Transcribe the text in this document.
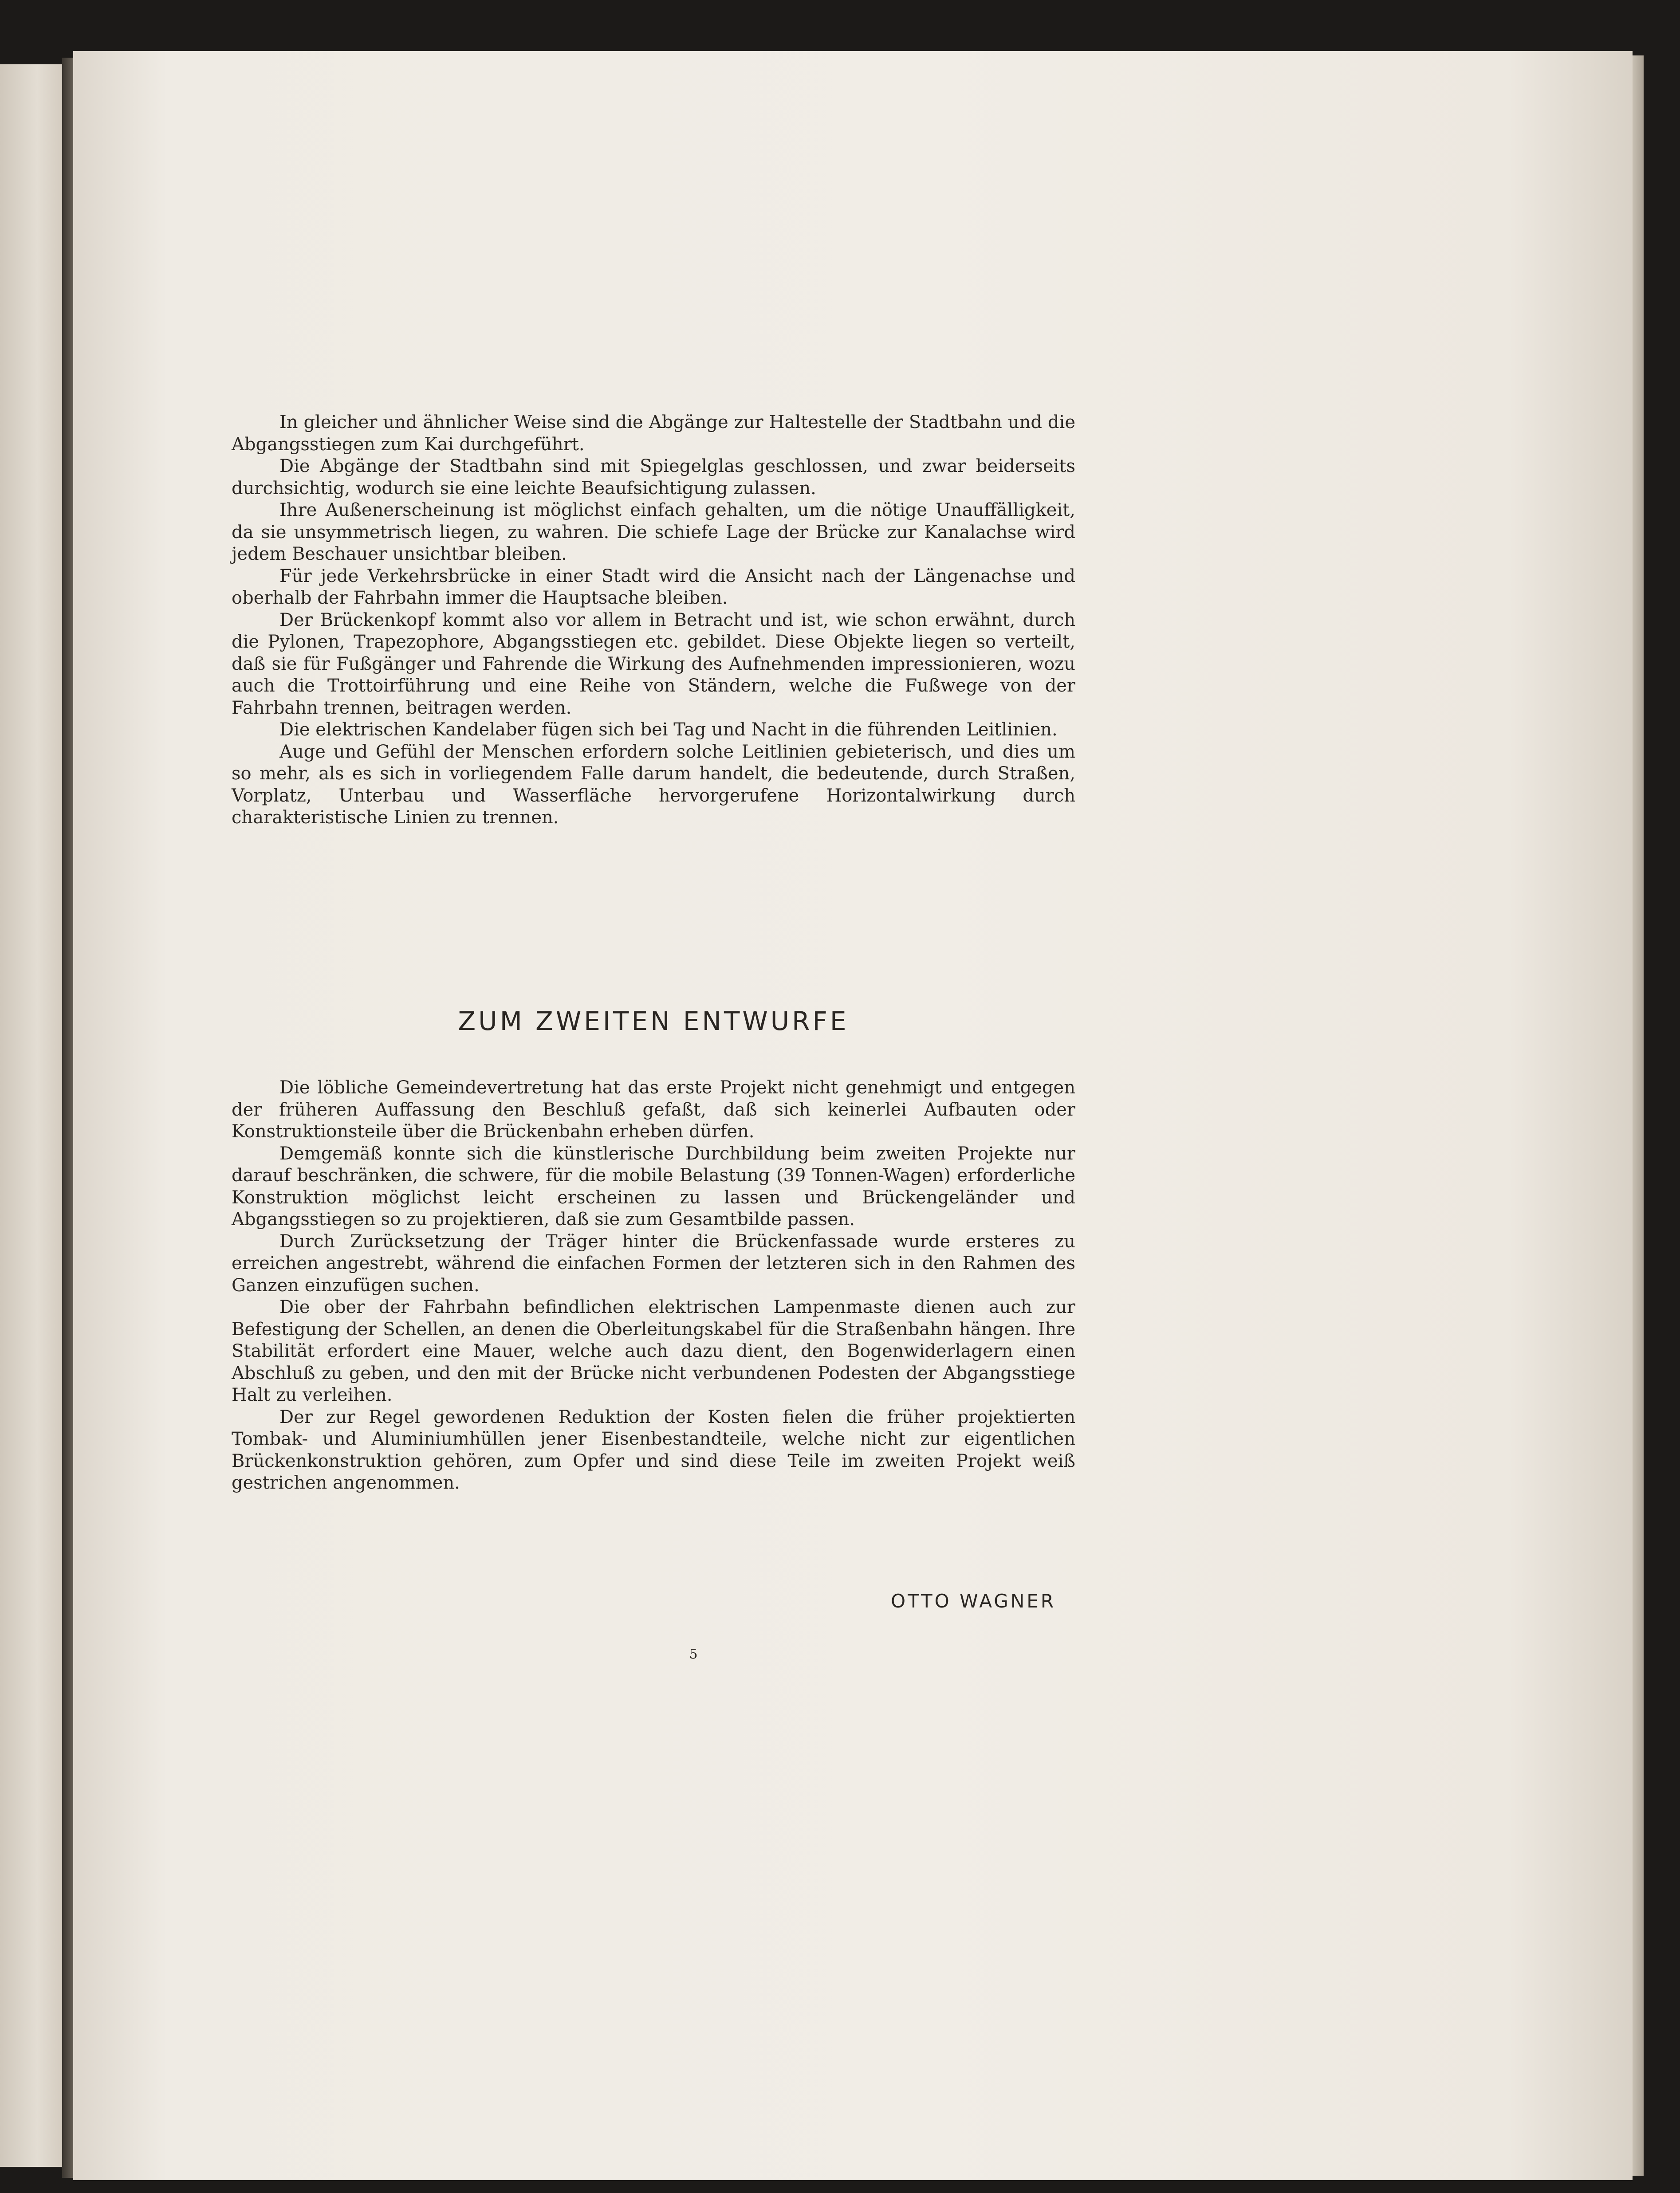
In gleicher und ähnlicher Weise sind die Abgänge zur Haltestelle der Stadtbahn und die Abgangsstiegen zum Kai durchgeführt.

Die Abgänge der Stadtbahn sind mit Spiegelglas geschlossen, und zwar beiderseits durchsichtig, wodurch sie eine leichte Beaufsichtigung zulassen.

Ihre Außenerscheinung ist möglichst einfach gehalten, um die nötige Unauffälligkeit, da sie unsymmetrisch liegen, zu wahren. Die schiefe Lage der Brücke zur Kanalachse wird jedem Beschauer unsichtbar bleiben.

Für jede Verkehrsbrücke in einer Stadt wird die Ansicht nach der Längenachse und oberhalb der Fahrbahn immer die Hauptsache bleiben.

Der Brückenkopf kommt also vor allem in Betracht und ist, wie schon erwähnt, durch die Pylonen, Trapezophore, Abgangsstiegen etc. gebildet. Diese Objekte liegen so verteilt, daß sie für Fußgänger und Fahrende die Wirkung des Aufnehmenden impressionieren, wozu auch die Trottoirführung und eine Reihe von Ständern, welche die Fußwege von der Fahrbahn trennen, beitragen werden.

Die elektrischen Kandelaber fügen sich bei Tag und Nacht in die führenden Leitlinien.

Auge und Gefühl der Menschen erfordern solche Leitlinien gebieterisch, und dies um so mehr, als es sich in vorliegendem Falle darum handelt, die bedeutende, durch Straßen, Vorplatz, Unterbau und Wasserfläche hervorgerufene Horizontalwirkung durch charakteristische Linien zu trennen.

ZUM ZWEITEN ENTWURFE

Die löbliche Gemeindevertretung hat das erste Projekt nicht genehmigt und entgegen der früheren Auffassung den Beschluß gefaßt, daß sich keinerlei Aufbauten oder Konstruktionsteile über die Brückenbahn erheben dürfen.

Demgemäß konnte sich die künstlerische Durchbildung beim zweiten Projekte nur darauf beschränken, die schwere, für die mobile Belastung (39 Tonnen-Wagen) erforderliche Konstruktion möglichst leicht erscheinen zu lassen und Brückengeländer und Abgangsstiegen so zu projektieren, daß sie zum Gesamtbilde passen.

Durch Zurücksetzung der Träger hinter die Brückenfassade wurde ersteres zu erreichen angestrebt, während die einfachen Formen der letzteren sich in den Rahmen des Ganzen einzufügen suchen.

Die ober der Fahrbahn befindlichen elektrischen Lampenmaste dienen auch zur Befestigung der Schellen, an denen die Oberleitungskabel für die Straßenbahn hängen. Ihre Stabilität erfordert eine Mauer, welche auch dazu dient, den Bogenwiderlagern einen Abschluß zu geben, und den mit der Brücke nicht verbundenen Podesten der Abgangsstiege Halt zu verleihen.

Der zur Regel gewordenen Reduktion der Kosten fielen die früher projektierten Tombak- und Aluminiumhüllen jener Eisenbestandteile, welche nicht zur eigentlichen Brückenkonstruktion gehören, zum Opfer und sind diese Teile im zweiten Projekt weiß gestrichen angenommen.

OTTO WAGNER
5
